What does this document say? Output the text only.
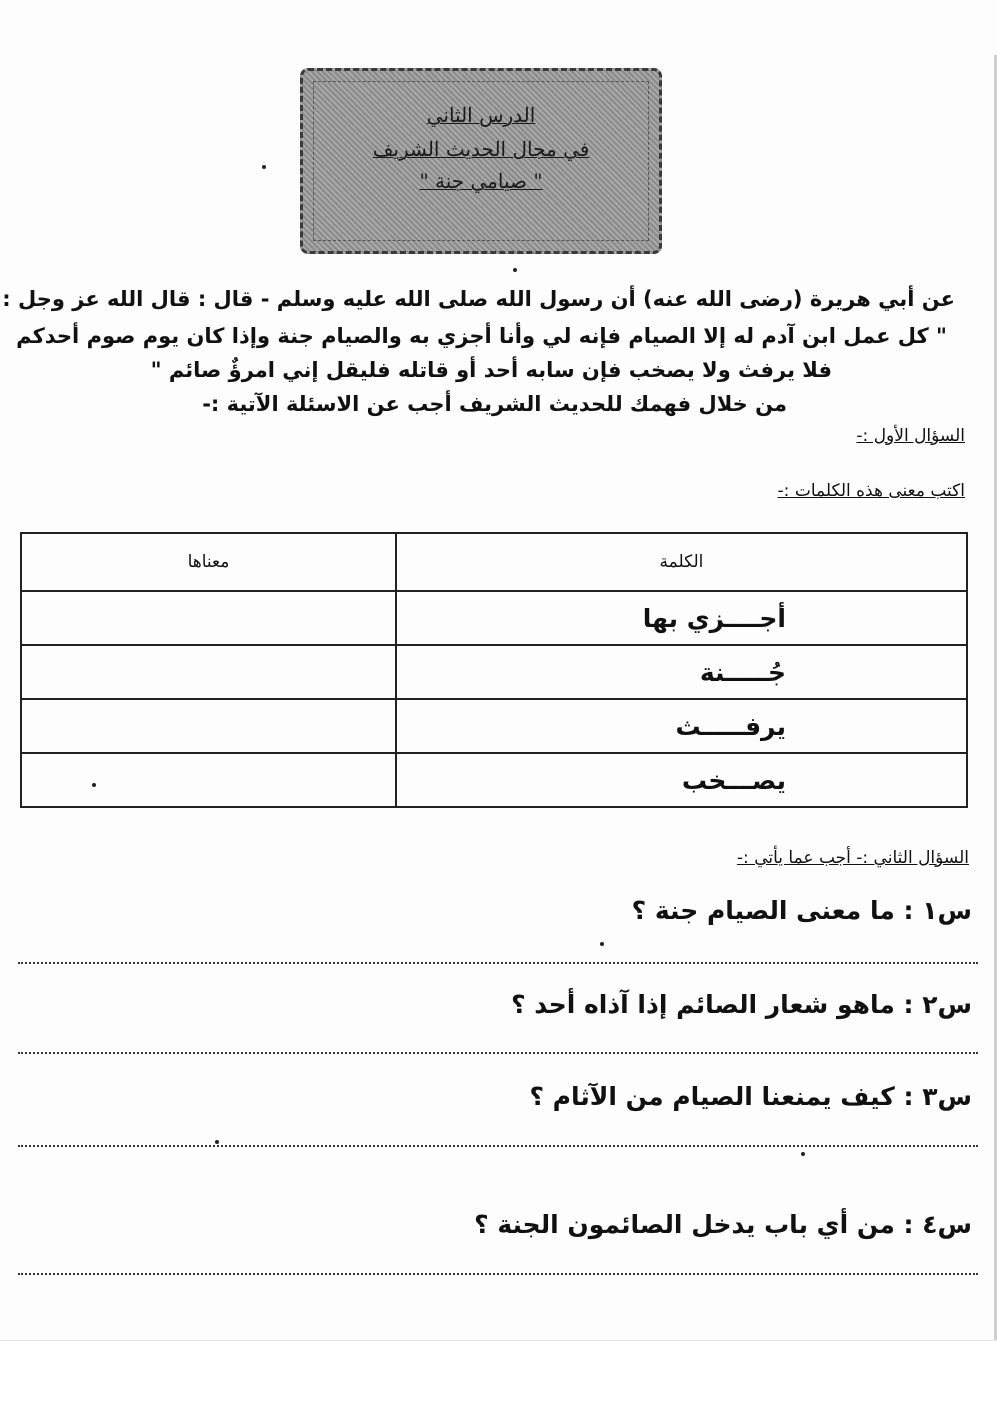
الدرس الثاني
في مجال الحديث الشريف
" صيامي جنة "
عن أبي هريرة (رضى الله عنه) أن رسول الله صلى الله عليه وسلم - قال : قال الله عز وجل :
" كل عمل ابن آدم له إلا الصيام فإنه لي وأنا أجزي به والصيام جنة وإذا كان يوم صوم أحدكم
فلا يرفث ولا يصخب فإن سابه أحد أو قاتله فليقل إني امرؤٌ صائم "
من خلال فهمك للحديث الشريف أجب عن الاسئلة الآتية :-
السؤال الأول :-
اكتب معنى هذه الكلمات :-
الكلمة	معناها
أجــــزي بها	
جُـــــنة	
يرفـــــث	
يصـــخب	
السؤال الثاني :- أجب عما يأتي :-
س١ : ما معنى الصيام جنة ؟
س٢ : ماهو شعار الصائم إذا آذاه أحد ؟
س٣ : كيف يمنعنا الصيام من الآثام ؟
س٤ : من أي باب يدخل الصائمون الجنة ؟
